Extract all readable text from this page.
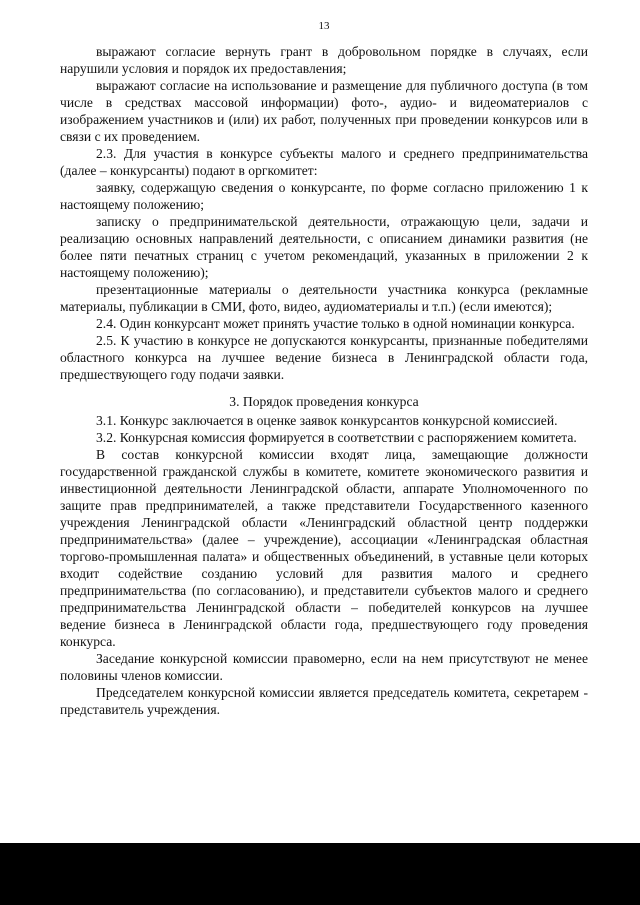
13

выражают согласие вернуть грант в добровольном порядке в случаях, если нарушили условия и порядок их предоставления;

выражают согласие на использование и размещение для публичного доступа (в том числе в средствах массовой информации) фото-, аудио- и видеоматериалов с изображением участников и (или) их работ, полученных при проведении конкурсов или в связи с их проведением.

2.3. Для участия в конкурсе субъекты малого и среднего предпринимательства (далее – конкурсанты) подают в оргкомитет:

заявку, содержащую сведения о конкурсанте, по форме согласно приложению 1 к настоящему положению;

записку о предпринимательской деятельности, отражающую цели, задачи и реализацию основных направлений деятельности, с описанием динамики развития (не более пяти печатных страниц с учетом рекомендаций, указанных в приложении 2 к настоящему положению);

презентационные материалы о деятельности участника конкурса (рекламные материалы, публикации в СМИ, фото, видео, аудиоматериалы и т.п.) (если имеются);

2.4. Один конкурсант может принять участие только в одной номинации конкурса.

2.5. К участию в конкурсе не допускаются конкурсанты, признанные победителями областного конкурса на лучшее ведение бизнеса в Ленинградской области года, предшествующего году подачи заявки.

3. Порядок проведения конкурса

3.1. Конкурс заключается в оценке заявок конкурсантов конкурсной комиссией.

3.2. Конкурсная комиссия формируется в соответствии с распоряжением комитета.

В состав конкурсной комиссии входят лица, замещающие должности государственной гражданской службы в комитете, комитете экономического развития и инвестиционной деятельности Ленинградской области, аппарате Уполномоченного по защите прав предпринимателей, а также представители Государственного казенного учреждения Ленинградской области «Ленинградский областной центр поддержки предпринимательства» (далее – учреждение), ассоциации «Ленинградская областная торгово-промышленная палата» и общественных объединений, в уставные цели которых входит содействие созданию условий для развития малого и среднего предпринимательства (по согласованию), и представители субъектов малого и среднего предпринимательства Ленинградской области – победителей конкурсов на лучшее ведение бизнеса в Ленинградской области года, предшествующего году проведения конкурса.

Заседание конкурсной комиссии правомерно, если на нем присутствуют не менее половины членов комиссии.

Председателем конкурсной комиссии является председатель комитета, секретарем - представитель учреждения.
